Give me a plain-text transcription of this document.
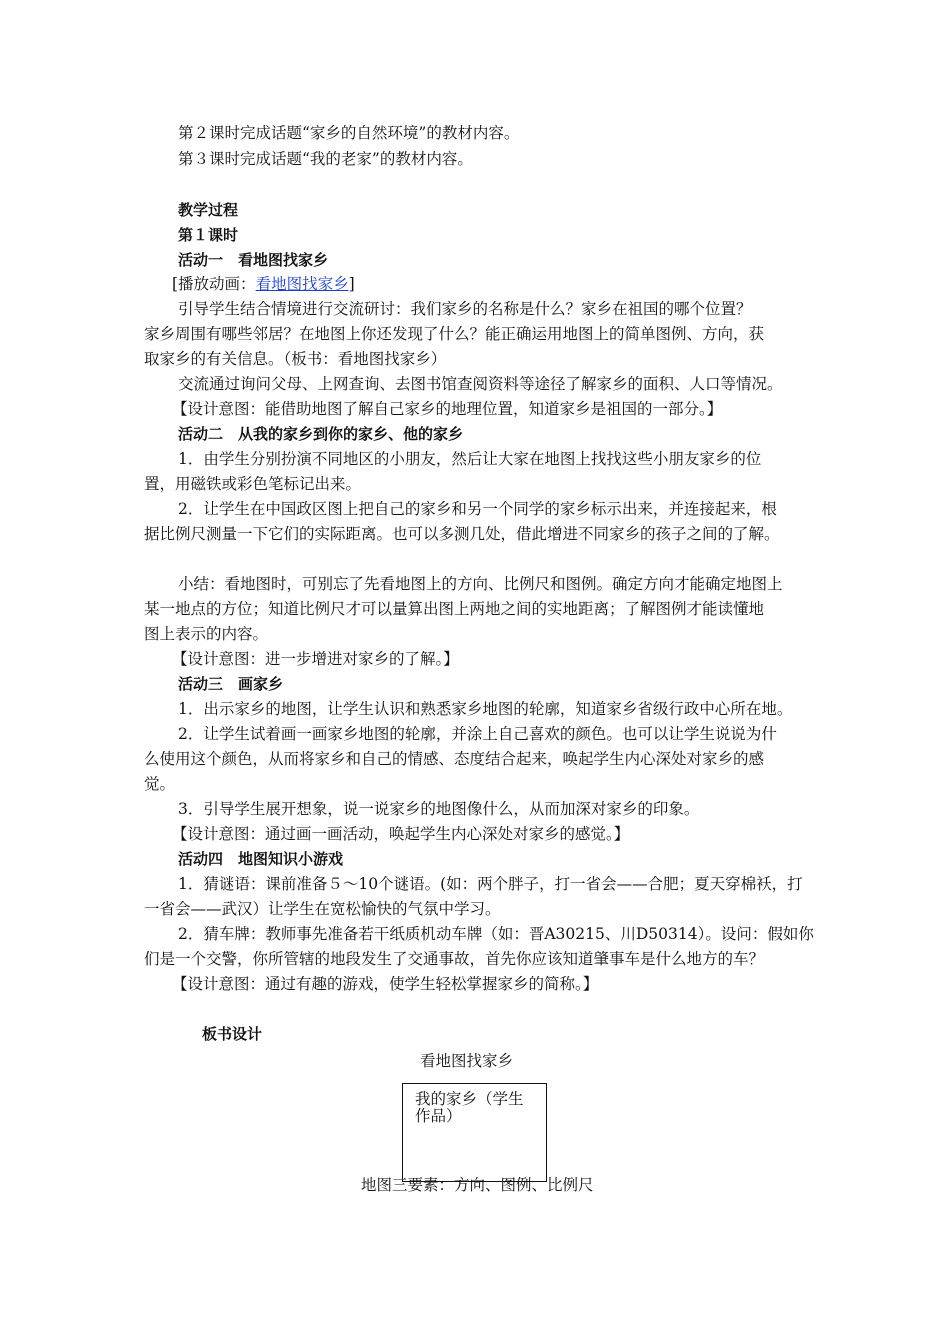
第２课时完成话题“家乡的自然环境”的教材内容。
第３课时完成话题“我的老家”的教材内容。
教学过程
第１课时
活动一　看地图找家乡
[播放动画：看地图找家乡]
引导学生结合情境进行交流研讨：我们家乡的名称是什么？家乡在祖国的哪个位置？
家乡周围有哪些邻居？在地图上你还发现了什么？能正确运用地图上的简单图例、方向，获
取家乡的有关信息。（板书：看地图找家乡）
交流通过询问父母、上网查询、去图书馆查阅资料等途径了解家乡的面积、人口等情况。
【设计意图：能借助地图了解自己家乡的地理位置，知道家乡是祖国的一部分。】
活动二　从我的家乡到你的家乡、他的家乡
1．由学生分别扮演不同地区的小朋友，然后让大家在地图上找找这些小朋友家乡的位
置，用磁铁或彩色笔标记出来。
2．让学生在中国政区图上把自己的家乡和另一个同学的家乡标示出来，并连接起来，根
据比例尺测量一下它们的实际距离。也可以多测几处，借此增进不同家乡的孩子之间的了解。
小结：看地图时，可别忘了先看地图上的方向、比例尺和图例。确定方向才能确定地图上
某一地点的方位；知道比例尺才可以量算出图上两地之间的实地距离；了解图例才能读懂地
图上表示的内容。
【设计意图：进一步增进对家乡的了解。】
活动三　画家乡
1．出示家乡的地图，让学生认识和熟悉家乡地图的轮廓，知道家乡省级行政中心所在地。
2．让学生试着画一画家乡地图的轮廓，并涂上自己喜欢的颜色。也可以让学生说说为什
么使用这个颜色，从而将家乡和自己的情感、态度结合起来，唤起学生内心深处对家乡的感
觉。
3．引导学生展开想象，说一说家乡的地图像什么，从而加深对家乡的印象。
【设计意图：通过画一画活动，唤起学生内心深处对家乡的感觉。】
活动四　地图知识小游戏
1．猜谜语：课前准备５～10个谜语。(如：两个胖子，打一省会——合肥；夏天穿棉袄，打
一省会——武汉）让学生在宽松愉快的气氛中学习。
2．猜车牌：教师事先准备若干纸质机动车牌（如：晋A30215、川D50314）。设问：假如你
们是一个交警，你所管辖的地段发生了交通事故，首先你应该知道肇事车是什么地方的车？
【设计意图：通过有趣的游戏，使学生轻松掌握家乡的简称。】
板书设计
看地图找家乡
我的家乡（学生作品）
地图三要素：方向、图例、比例尺
